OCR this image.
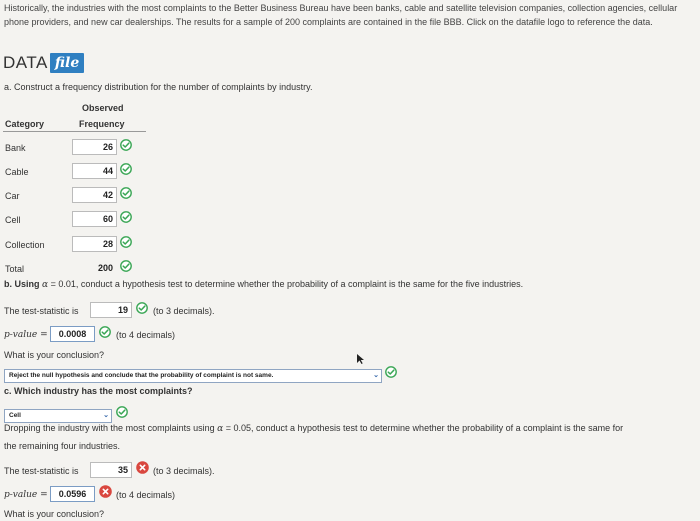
Historically, the industries with the most complaints to the Better Business Bureau have been banks, cable and satellite television companies, collection agencies, cellular phone providers, and new car dealerships. The results for a sample of 200 complaints are contained in the file BBB. Click on the datafile logo to reference the data.
DATA file
a. Construct a frequency distribution for the number of complaints by industry.
Observed
Category	Frequency
Bank	26
Cable	44
Car	42
Cell	60
Collection	28
Total	200
b. Using α = 0.01, conduct a hypothesis test to determine whether the probability of a complaint is the same for the five industries.
The test-statistic is	19	(to 3 decimals).
p-value =	0.0008	(to 4 decimals)
What is your conclusion?
Reject the null hypothesis and conclude that the probability of complaint is not same.	⌄
c. Which industry has the most complaints?
Cell	⌄
Dropping the industry with the most complaints using α = 0.05, conduct a hypothesis test to determine whether the probability of a complaint is the same for
the remaining four industries.
The test-statistic is	35	(to 3 decimals).
p-value =	0.0596	(to 4 decimals)
What is your conclusion?
